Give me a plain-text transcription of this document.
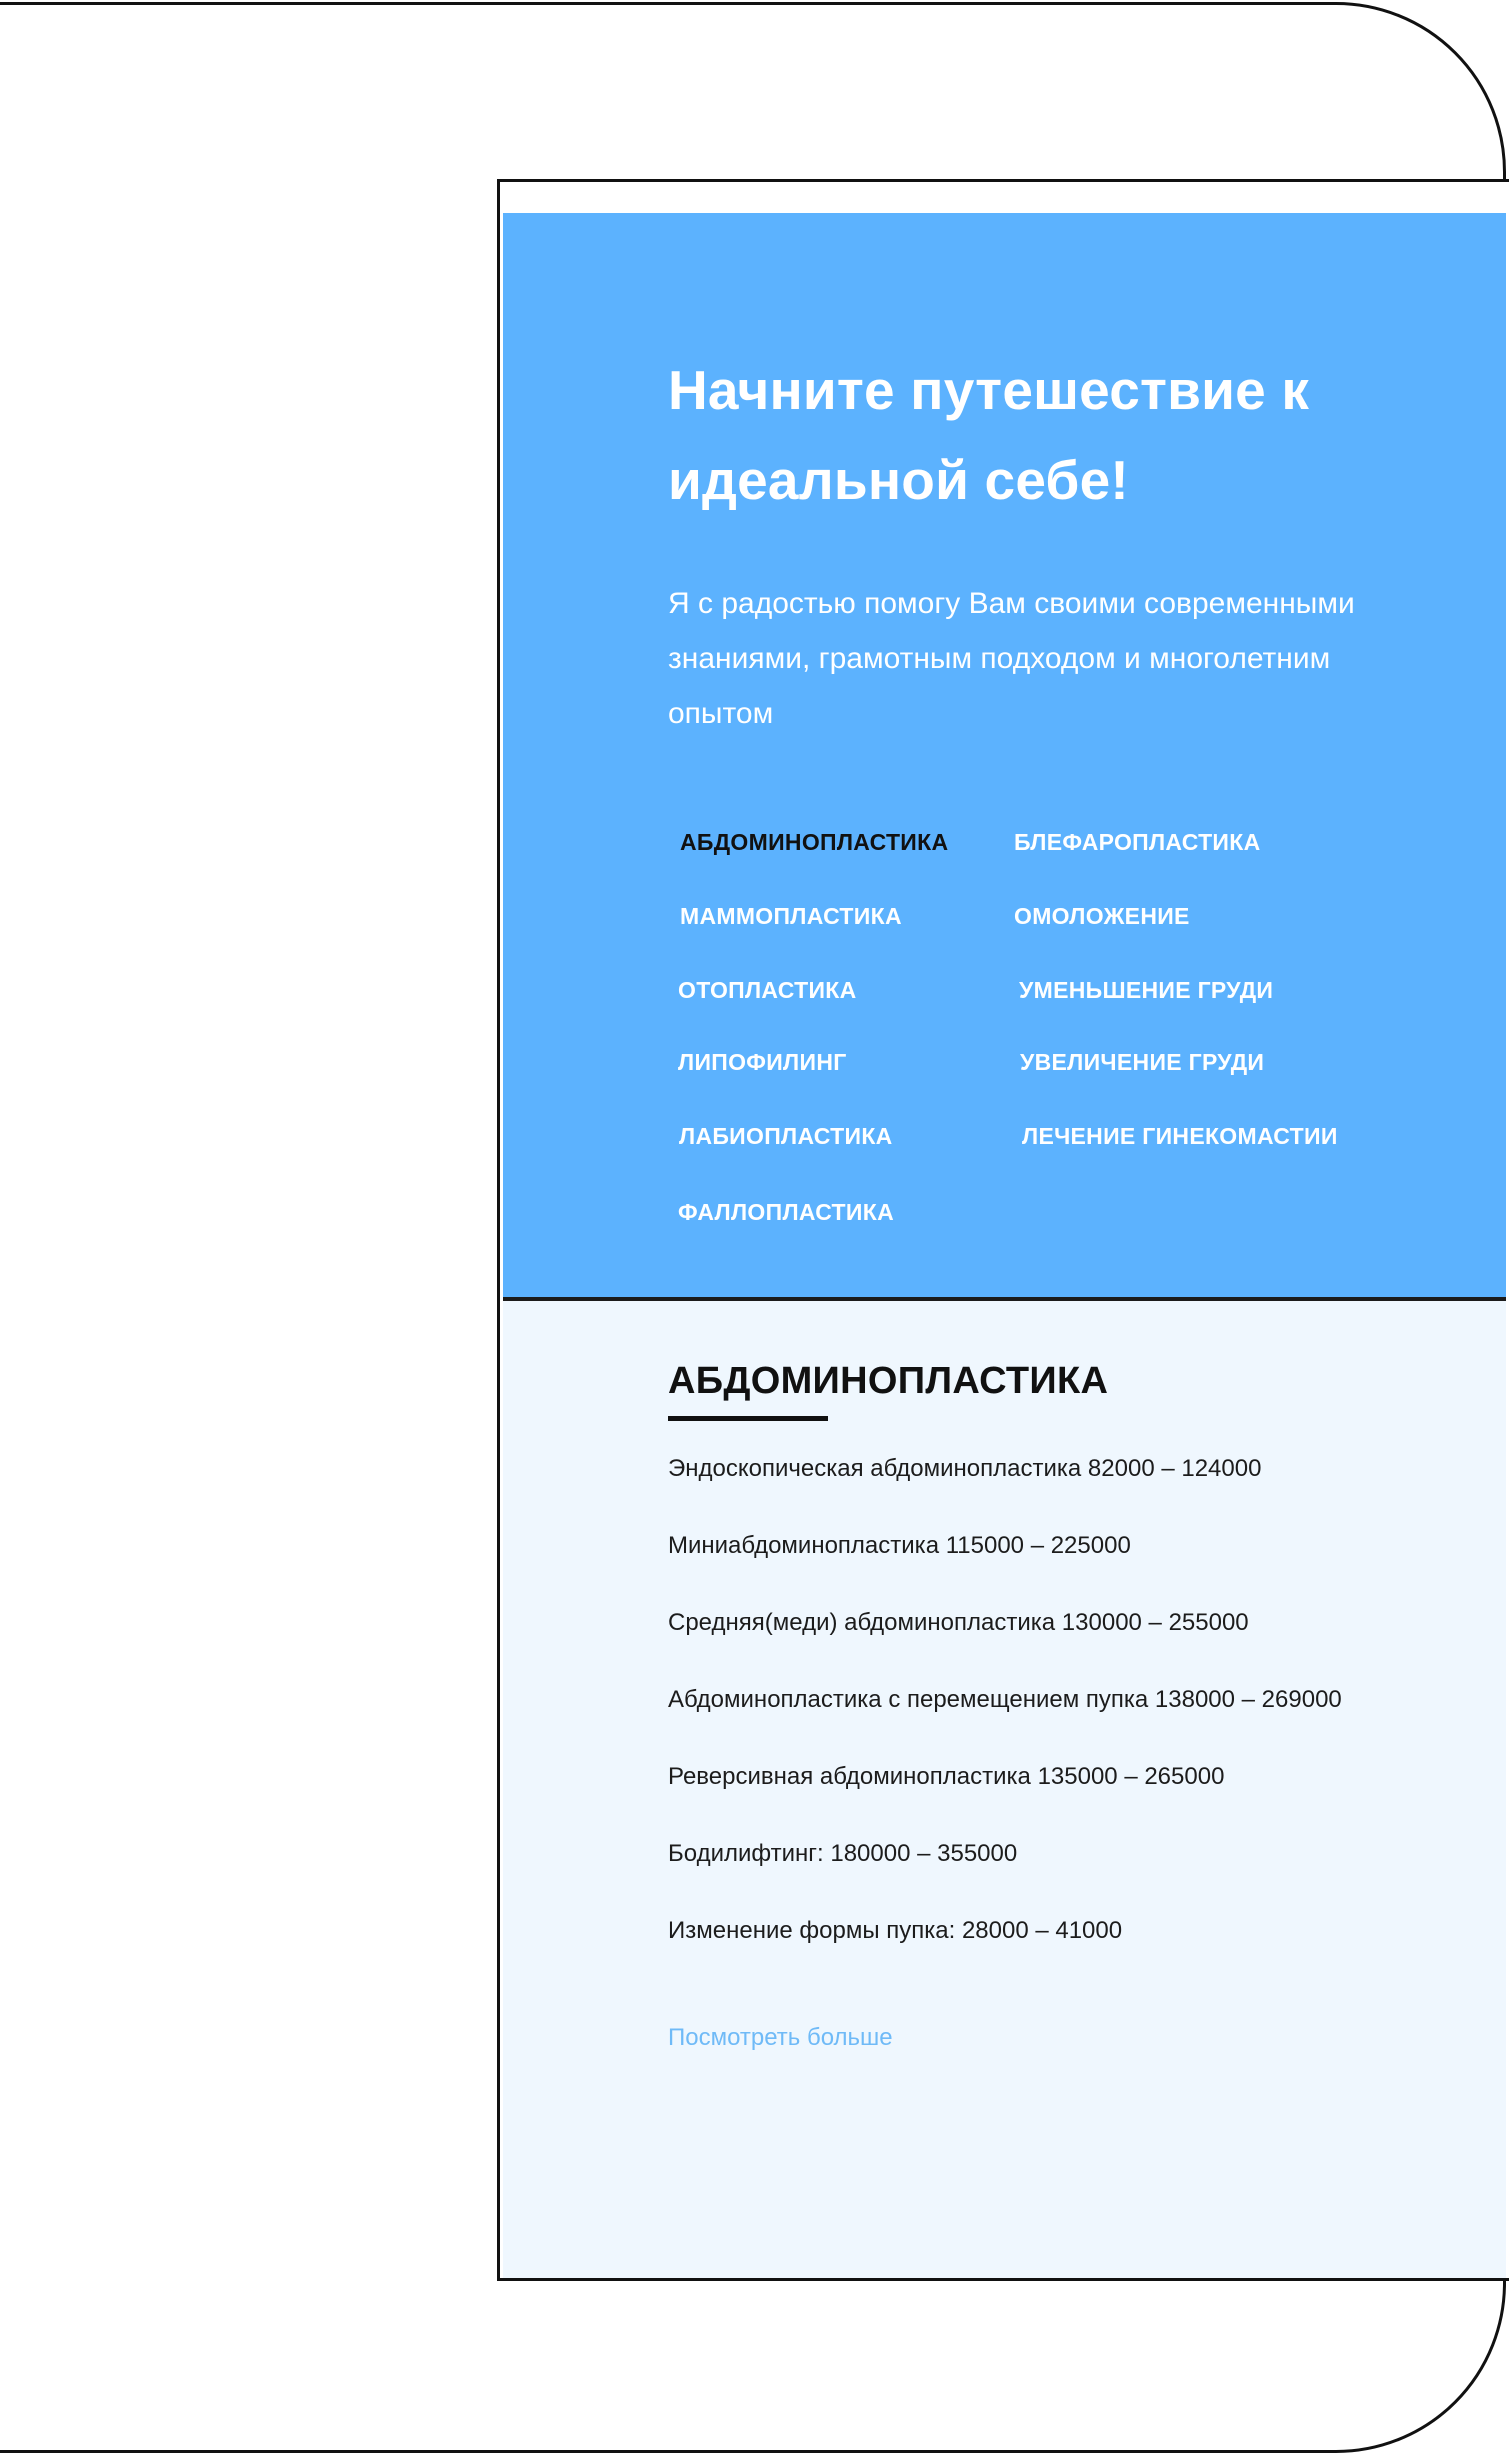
Начните путешествие к идеальной себе!

Я с радостью помогу Вам своими современными знаниями, грамотным подходом и многолетним опытом

АБДОМИНОПЛАСТИКА	БЛЕФАРОПЛАСТИКА
МАММОПЛАСТИКА	ОМОЛОЖЕНИЕ
ОТОПЛАСТИКА	УМЕНЬШЕНИЕ ГРУДИ
ЛИПОФИЛИНГ	УВЕЛИЧЕНИЕ ГРУДИ
ЛАБИОПЛАСТИКА	ЛЕЧЕНИЕ ГИНЕКОМАСТИИ
ФАЛЛОПЛАСТИКА
АБДОМИНОПЛАСТИКА
Эндоскопическая абдоминопластика 82000 – 124000
Миниабдоминопластика 115000 – 225000
Средняя(меди) абдоминопластика 130000 – 255000
Абдоминопластика с перемещением пупка 138000 – 269000
Реверсивная абдоминопластика 135000 – 265000
Бодилифтинг: 180000 – 355000
Изменение формы пупка: 28000 – 41000
Посмотреть больше
